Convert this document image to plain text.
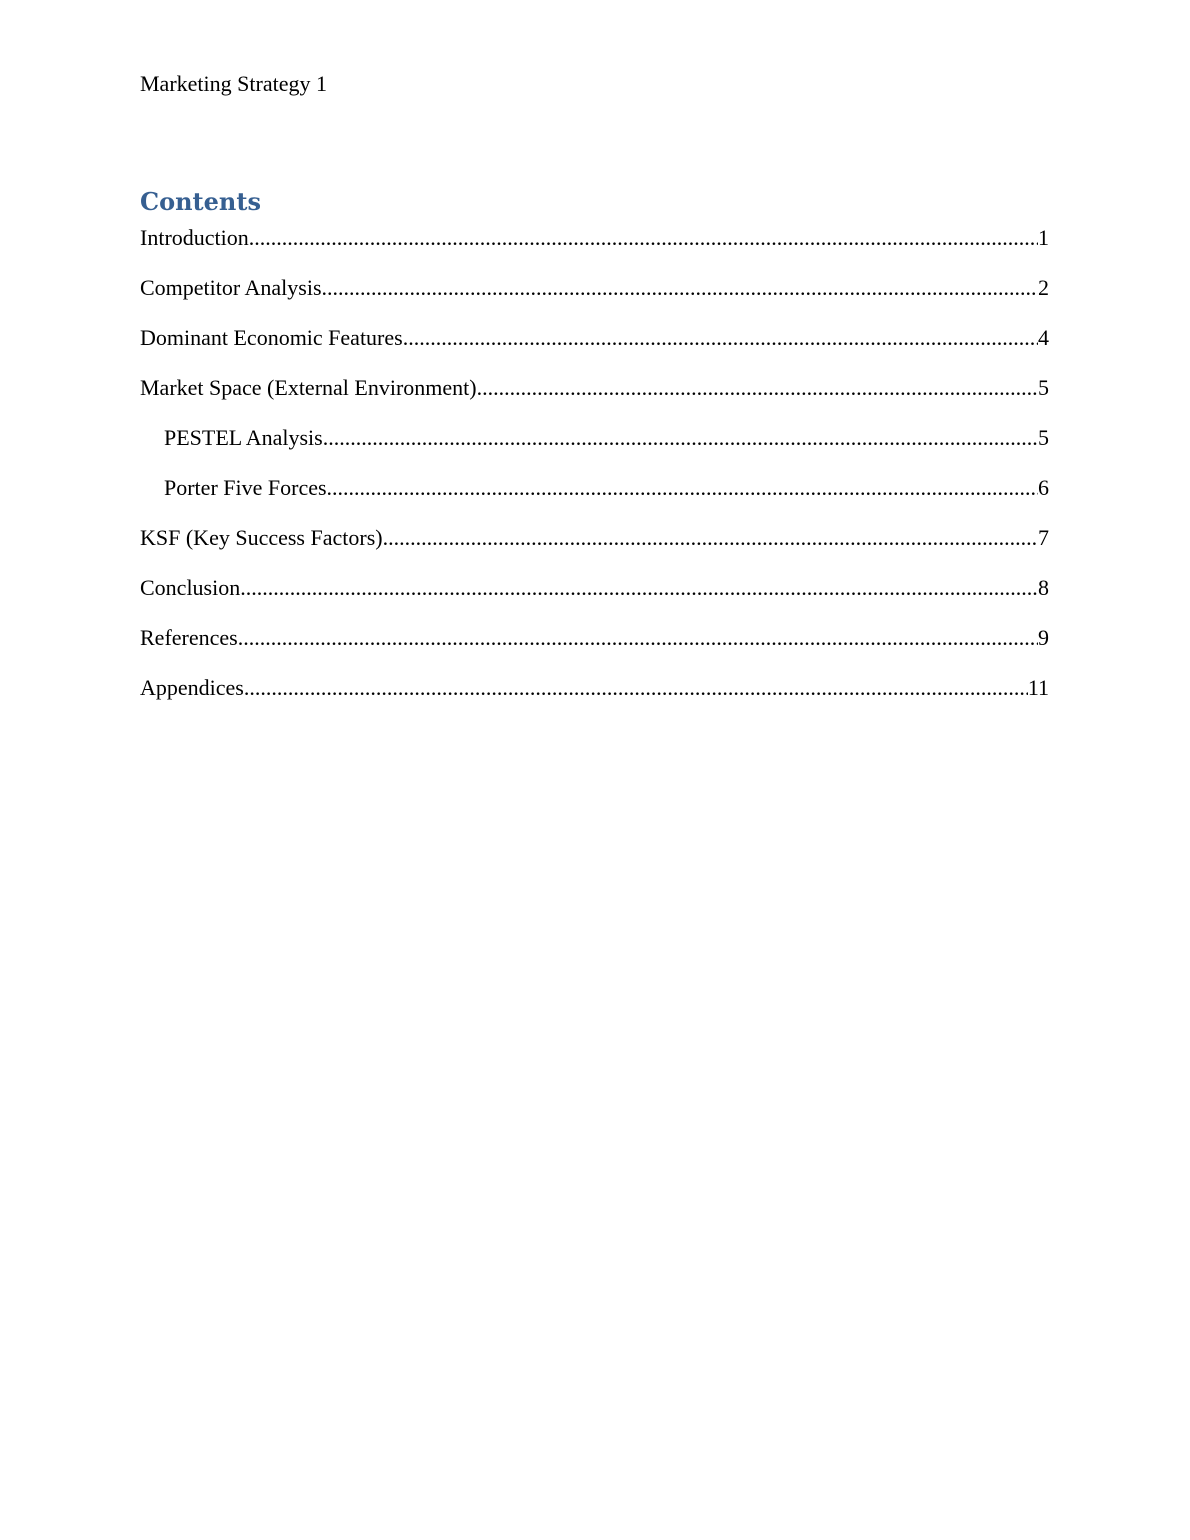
Marketing Strategy 1
Contents
Introduction .....	1
Competitor Analysis .....	2
Dominant Economic Features .....	4
Market Space (External Environment) .....	5
PESTEL Analysis .....	5
Porter Five Forces .....	6
KSF (Key Success Factors) .....	7
Conclusion .....	8
References .....	9
Appendices .....	11
